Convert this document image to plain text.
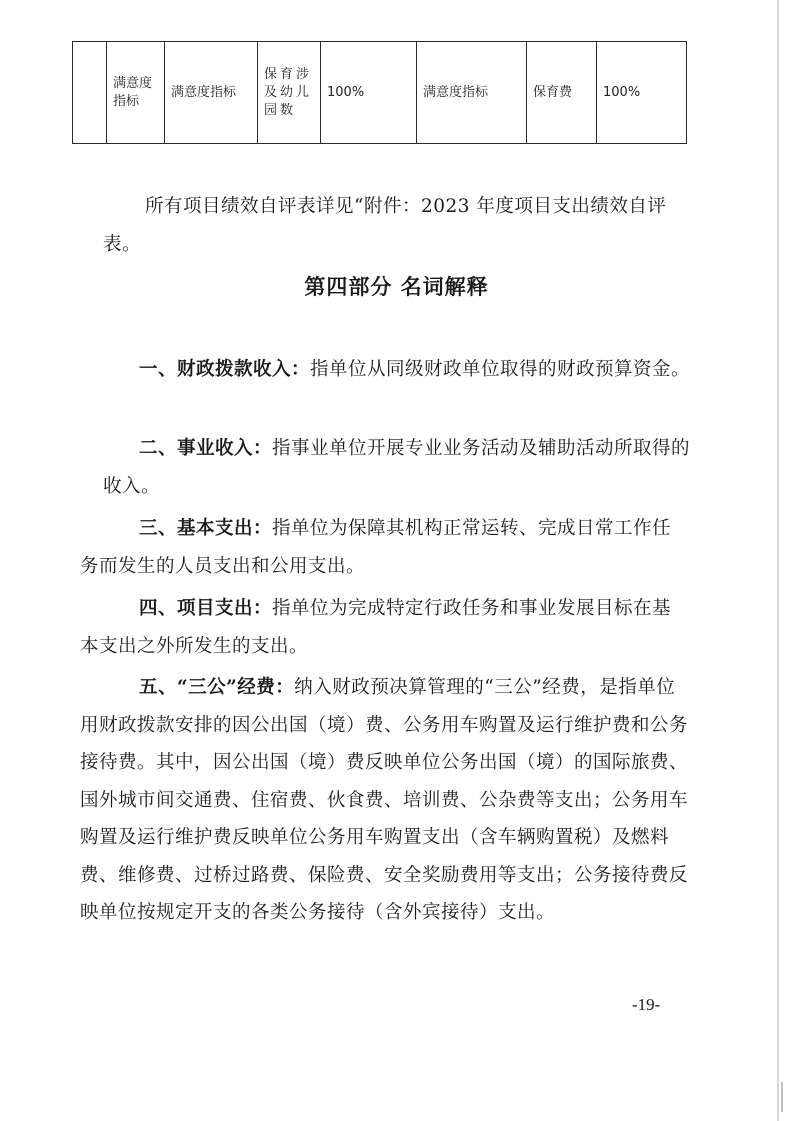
	满意度指标	满意度指标	保育涉及幼儿园数	100%	满意度指标	保育费	100%

所有项目绩效自评表详见“附件：2023 年度项目支出绩效自评表。

第四部分 名词解释

一、财政拨款收入：指单位从同级财政单位取得的财政预算资金。

二、事业收入：指事业单位开展专业业务活动及辅助活动所取得的收入。

三、基本支出：指单位为保障其机构正常运转、完成日常工作任务而发生的人员支出和公用支出。

四、项目支出：指单位为完成特定行政任务和事业发展目标在基本支出之外所发生的支出。

五、“三公”经费：纳入财政预决算管理的“三公”经费，是指单位用财政拨款安排的因公出国（境）费、公务用车购置及运行维护费和公务接待费。其中，因公出国（境）费反映单位公务出国（境）的国际旅费、国外城市间交通费、住宿费、伙食费、培训费、公杂费等支出；公务用车购置及运行维护费反映单位公务用车购置支出（含车辆购置税）及燃料费、维修费、过桥过路费、保险费、安全奖励费用等支出；公务接待费反映单位按规定开支的各类公务接待（含外宾接待）支出。

-19-
